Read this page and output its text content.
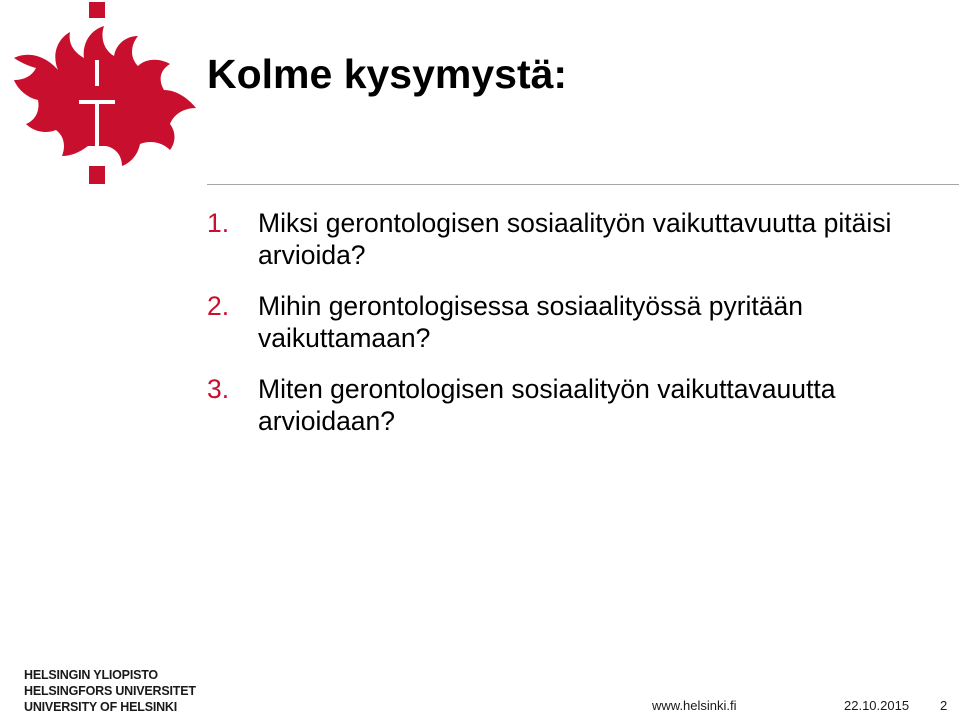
Kolme kysymystä:
1. Miksi gerontologisen sosiaalityön vaikuttavuutta pitäisi arvioida?
2. Mihin gerontologisessa sosiaalityössä pyritään vaikuttamaan?
3. Miten gerontologisen sosiaalityön vaikuttavauutta arvioidaan?
HELSINGIN YLIOPISTO
HELSINGFORS UNIVERSITET
UNIVERSITY OF HELSINKI	www.helsinki.fi	22.10.2015 2
